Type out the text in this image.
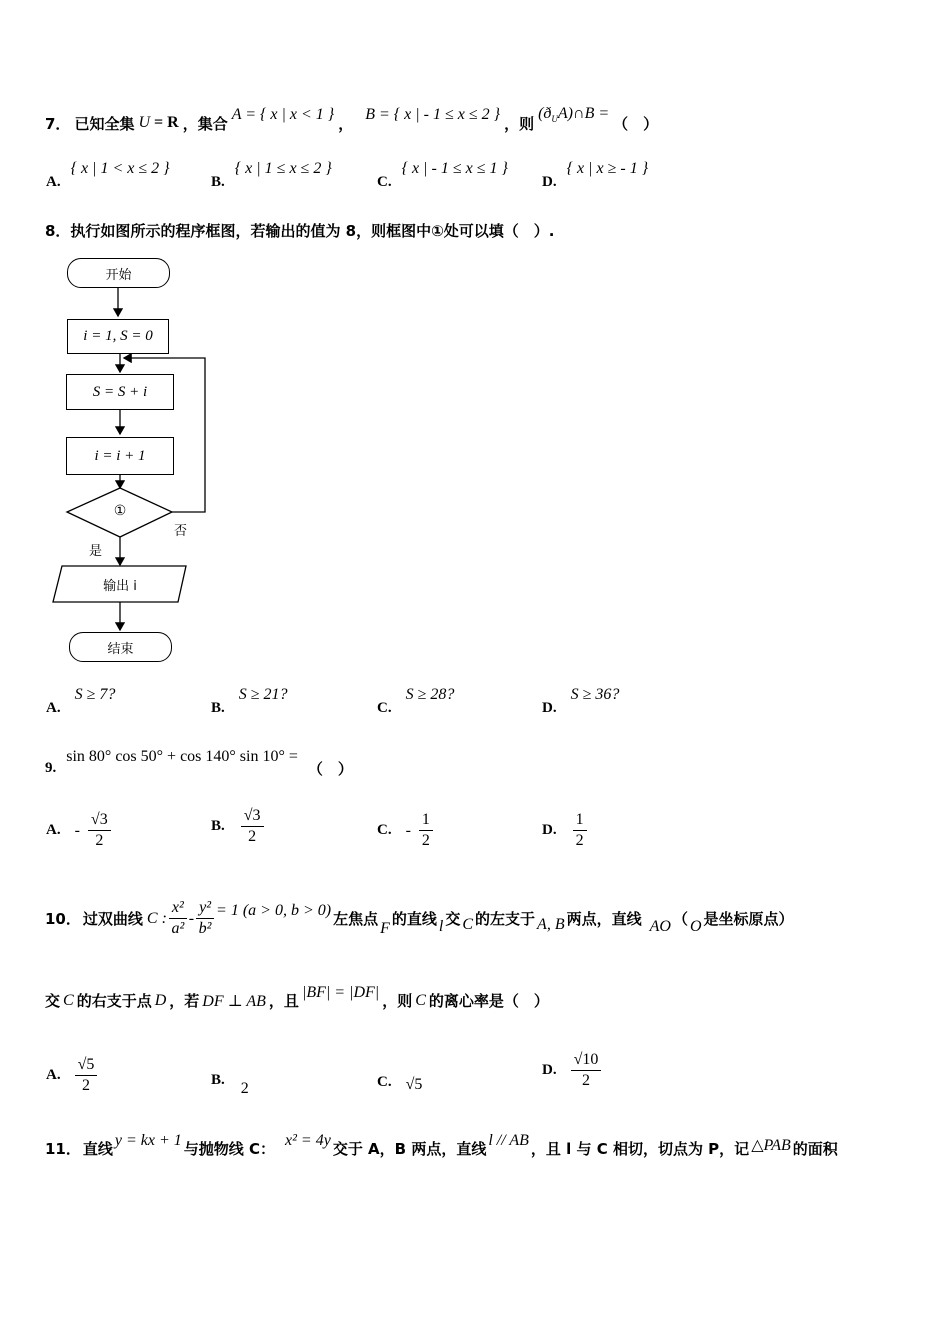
7． 已知全集 U = R ，集合 A = { x | x < 1 } ， B = { x | - 1 ≤ x ≤ 2 } ，则
$(ð_UA)\cap B$ =
（　）
A.
{ x | 1 < x ≤ 2 }
B.
{ x | 1 ≤ x ≤ 2 }
C.
{ x | - 1 ≤ x ≤ 1 }
D.
{ x | x ≥ - 1 }
8．执行如图所示的程序框图，若输出的值为 8，则框图中①处可以填（　）.
开始
i = 1, S = 0
S = S + i
i = i + 1
①
否
是
输出 i
结束
A.
S ≥ 7?
B.
S ≥ 21?
C.
S ≥ 28?
D.
S ≥ 36?
9.
sin 80° cos 50° + cos 140° sin 10° =
（　）
A. - $\frac{√3}{2}$	B. $\frac{√3}{2}$	C. - $\frac{1}{2}$	D. $\frac{1}{2}$
10． 过双曲线 C : $\frac{\text{x²}}{\text{a²}} - \frac{\text{y²}}{\text{b²}} = 1$ (a > 0, b > 0) 左焦点 F 的直线 l 交 C 的左支于 A, B 两点，直线 AO （ O 是坐标原点）
交 C 的右支于点 D ，若 DF ⊥ AB ，且 |BF| = |DF| ，则 C 的离心率是（　）
A. $\frac{√5}{2}$	B. 2	C. √5
D. $\frac{√10}{2}$
11． 直线 y = kx + 1 与抛物线 C： x² = 4y 交于 A，B 两点，直线 l // AB ，且 l 与 C 相切，切点为 P，记 △PAB 的面积
